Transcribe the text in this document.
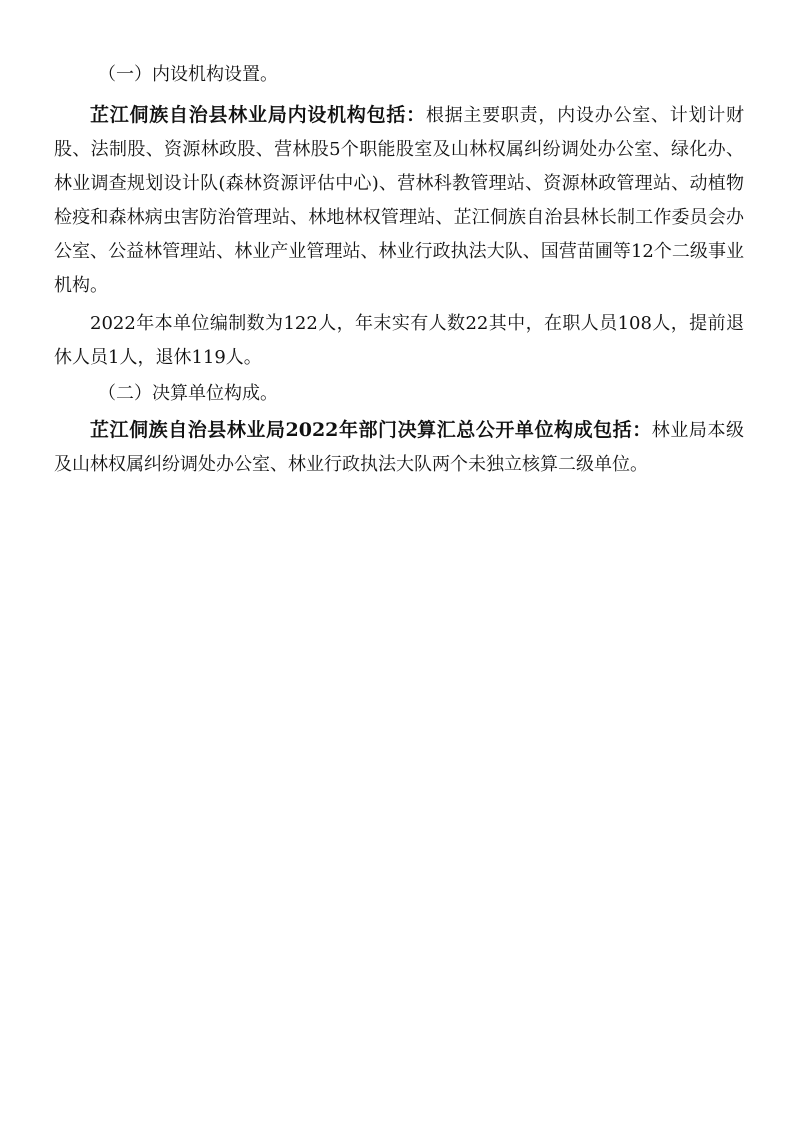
（一）内设机构设置。

芷江侗族自治县林业局内设机构包括：根据主要职责，内设办公室、计划计财股、法制股、资源林政股、营林股5个职能股室及山林权属纠纷调处办公室、绿化办、林业调查规划设计队(森林资源评估中心)、营林科教管理站、资源林政管理站、动植物检疫和森林病虫害防治管理站、林地林权管理站、芷江侗族自治县林长制工作委员会办公室、公益林管理站、林业产业管理站、林业行政执法大队、国营苗圃等12个二级事业机构。

2022年本单位编制数为122人，年末实有人数22其中，在职人员108人，提前退休人员1人，退休119人。

（二）决算单位构成。

芷江侗族自治县林业局2022年部门决算汇总公开单位构成包括：林业局本级及山林权属纠纷调处办公室、林业行政执法大队两个未独立核算二级单位。
